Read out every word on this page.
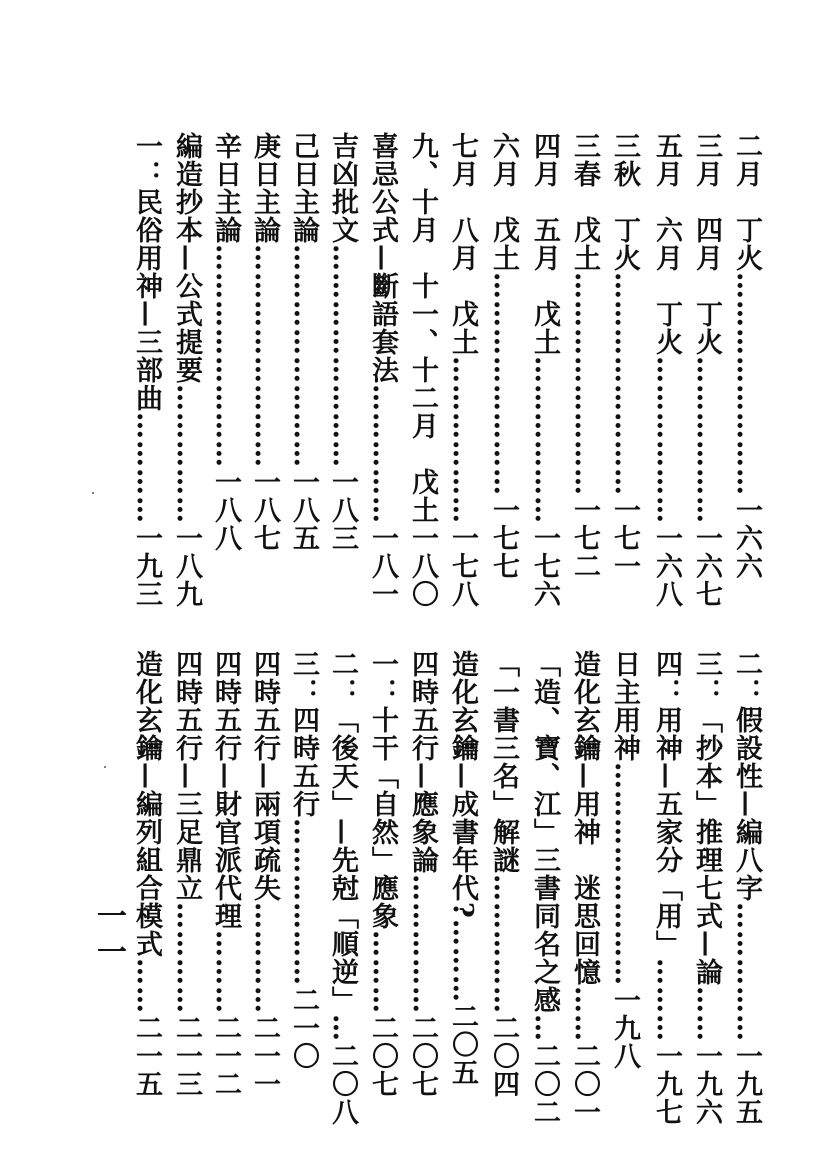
二月　丁火……………………一六六
三月　四月　丁火………………一六七
五月　六月　丁火………………一六八
三秋　丁火……………………一七一
三春　戊土……………………一七二
四月　五月　戊土………………一七六
六月　戊土……………………一七七
七月　八月　戊土………………一七八
九、十月　十一、十二月　戊土一八〇
喜忌公式—斷語套法……………一八一
吉凶批文……………………一八三
己日主論……………………一八五
庚日主論……………………一八七
辛日主論……………………一八八
編造抄本—公式提要……………一八九
一：民俗用神—三部曲…………一九三
二：假設性—編八字……………一九五
三：「抄本」推理七式—論……一九六
四：用神—五家分「用」………一九七
日主用神……………………一九八
造化玄鑰—用神　迷思回憶……二〇一
「造、寶、江」三書同名之感…二〇二
「一書三名」解謎……………二〇四
造化玄鑰—成書年代?………二〇五
四時五行—應象論……………二〇七
一：十干「自然」應象………二〇七
二：「後天」—先尅「順逆」…二〇八
三：四時五行………………二一〇
四時五行—兩項疏失…………二一一
四時五行—財官派代理………二一二
四時五行—三足鼎立…………二一三
造化玄鑰—編列組合模式……二一五
一一
